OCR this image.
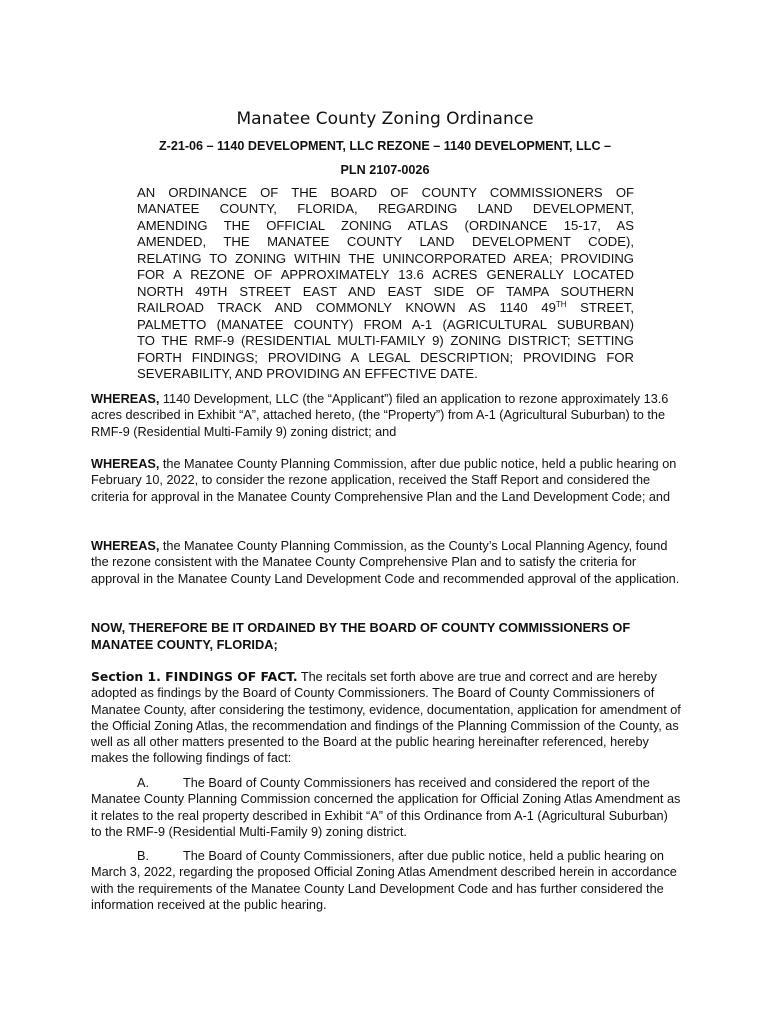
Manatee County Zoning Ordinance
Z-21-06 – 1140 DEVELOPMENT, LLC REZONE – 1140 DEVELOPMENT, LLC –
PLN 2107-0026
AN ORDINANCE OF THE BOARD OF COUNTY COMMISSIONERS OF
MANATEE COUNTY, FLORIDA, REGARDING LAND DEVELOPMENT,
AMENDING THE OFFICIAL ZONING ATLAS (ORDINANCE 15-17, AS
AMENDED, THE MANATEE COUNTY LAND DEVELOPMENT CODE),
RELATING TO ZONING WITHIN THE UNINCORPORATED AREA; PROVIDING
FOR A REZONE OF APPROXIMATELY 13.6 ACRES GENERALLY LOCATED
NORTH 49TH STREET EAST AND EAST SIDE OF TAMPA SOUTHERN
RAILROAD TRACK AND COMMONLY KNOWN AS 1140 49TH STREET,
PALMETTO (MANATEE COUNTY) FROM A-1 (AGRICULTURAL SUBURBAN)
TO THE RMF-9 (RESIDENTIAL MULTI-FAMILY 9) ZONING DISTRICT; SETTING
FORTH FINDINGS; PROVIDING A LEGAL DESCRIPTION; PROVIDING FOR
SEVERABILITY, AND PROVIDING AN EFFECTIVE DATE.
WHEREAS, 1140 Development, LLC (the “Applicant”) filed an application to rezone approximately 13.6 acres described in Exhibit “A”, attached hereto, (the “Property”) from A-1 (Agricultural Suburban) to the RMF-9 (Residential Multi-Family 9) zoning district; and
WHEREAS, the Manatee County Planning Commission, after due public notice, held a public hearing on February 10, 2022, to consider the rezone application, received the Staff Report and considered the criteria for approval in the Manatee County Comprehensive Plan and the Land Development Code; and
WHEREAS, the Manatee County Planning Commission, as the County’s Local Planning Agency, found the rezone consistent with the Manatee County Comprehensive Plan and to satisfy the criteria for approval in the Manatee County Land Development Code and recommended approval of the application.
NOW, THEREFORE BE IT ORDAINED BY THE BOARD OF COUNTY COMMISSIONERS OF MANATEE COUNTY, FLORIDA;
Section 1. FINDINGS OF FACT. The recitals set forth above are true and correct and are hereby adopted as findings by the Board of County Commissioners. The Board of County Commissioners of Manatee County, after considering the testimony, evidence, documentation, application for amendment of the Official Zoning Atlas, the recommendation and findings of the Planning Commission of the County, as well as all other matters presented to the Board at the public hearing hereinafter referenced, hereby makes the following findings of fact:
A.	The Board of County Commissioners has received and considered the report of the Manatee County Planning Commission concerned the application for Official Zoning Atlas Amendment as it relates to the real property described in Exhibit “A” of this Ordinance from A-1 (Agricultural Suburban) to the RMF-9 (Residential Multi-Family 9) zoning district.
B.	The Board of County Commissioners, after due public notice, held a public hearing on March 3, 2022, regarding the proposed Official Zoning Atlas Amendment described herein in accordance with the requirements of the Manatee County Land Development Code and has further considered the information received at the public hearing.
